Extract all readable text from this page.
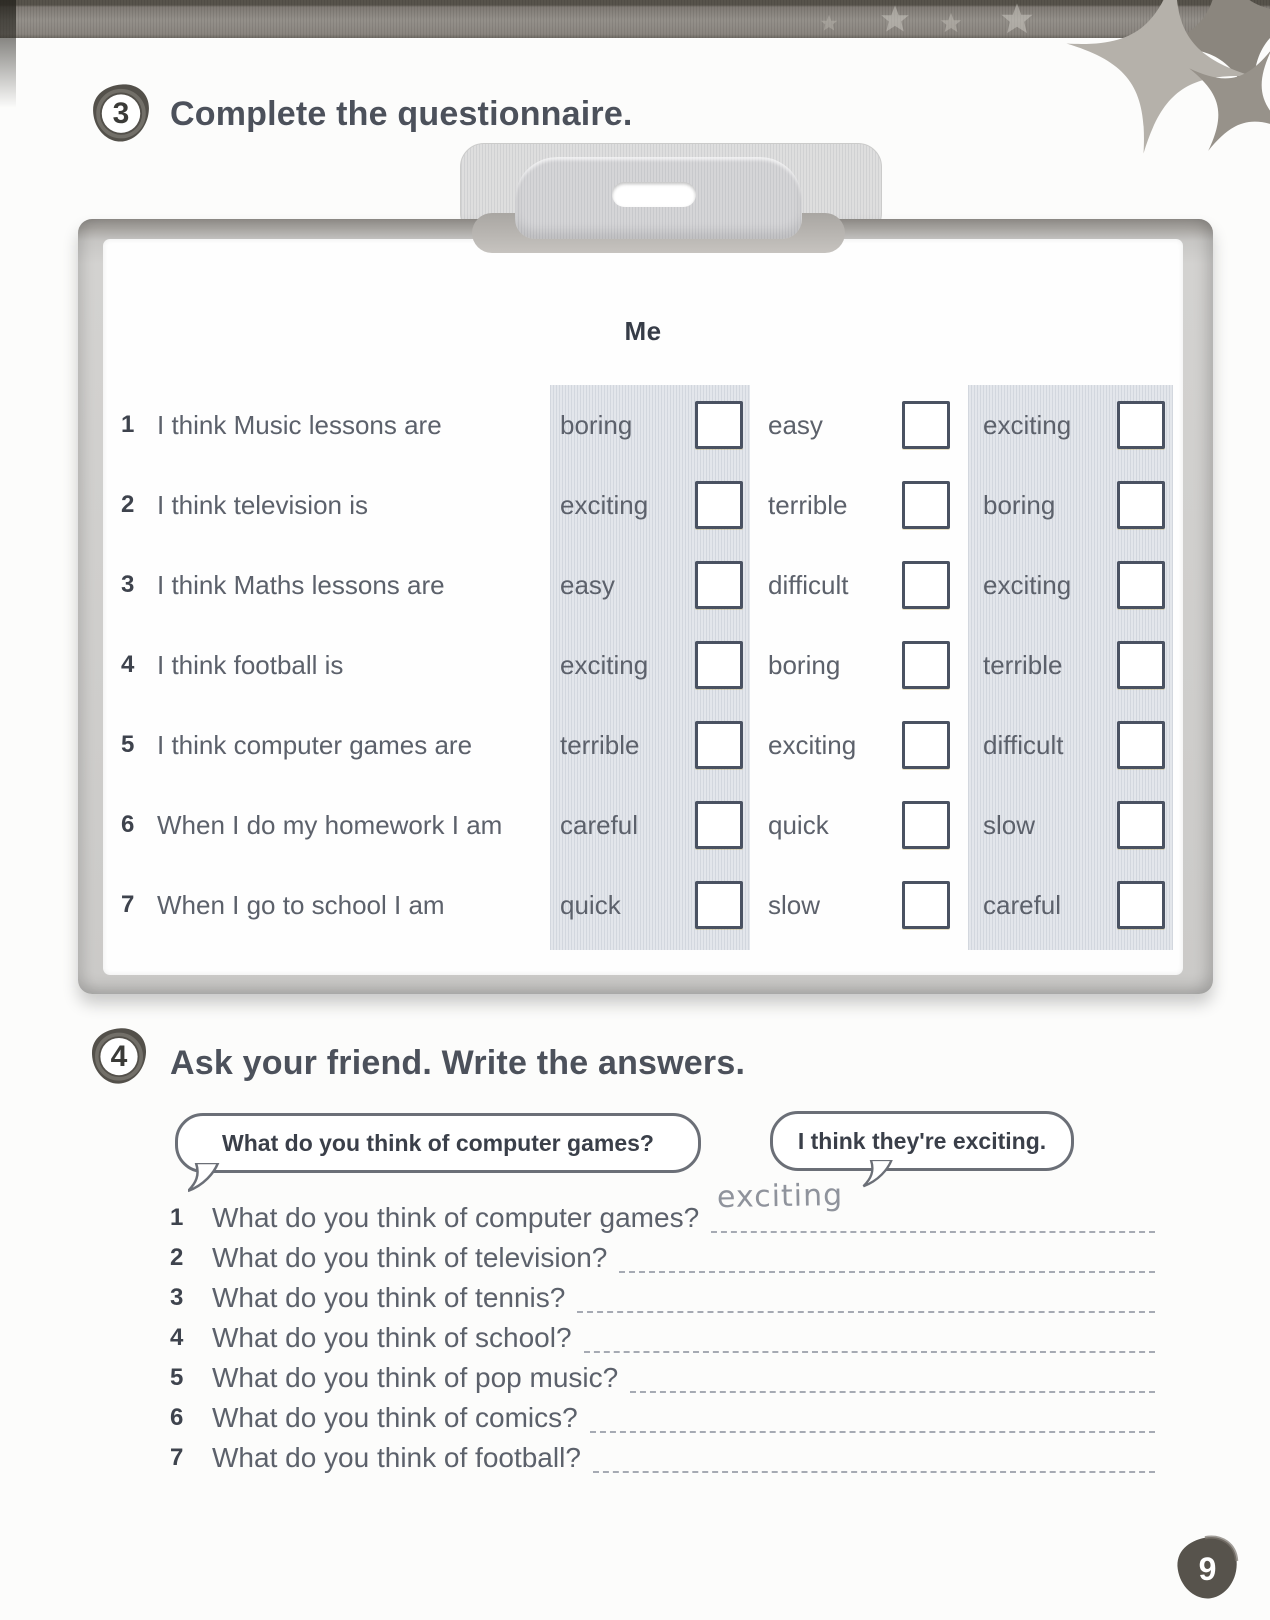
3	Complete the questionnaire.
Me
1 I think Music lessons are	boring	easy	exciting
2 I think television is	exciting	terrible	boring
3 I think Maths lessons are	easy	difficult	exciting
4 I think football is	exciting	boring	terrible
5 I think computer games are	terrible	exciting	difficult
6 When I do my homework I am	careful	quick	slow
7 When I go to school I am	quick	slow	careful
4	Ask your friend. Write the answers.
What do you think of computer games?	I think they're exciting.
1	What do you think of computer games?
exciting
2	What do you think of television?
3	What do you think of tennis?
4	What do you think of school?
5	What do you think of pop music?
6	What do you think of comics?
7	What do you think of football?
9
